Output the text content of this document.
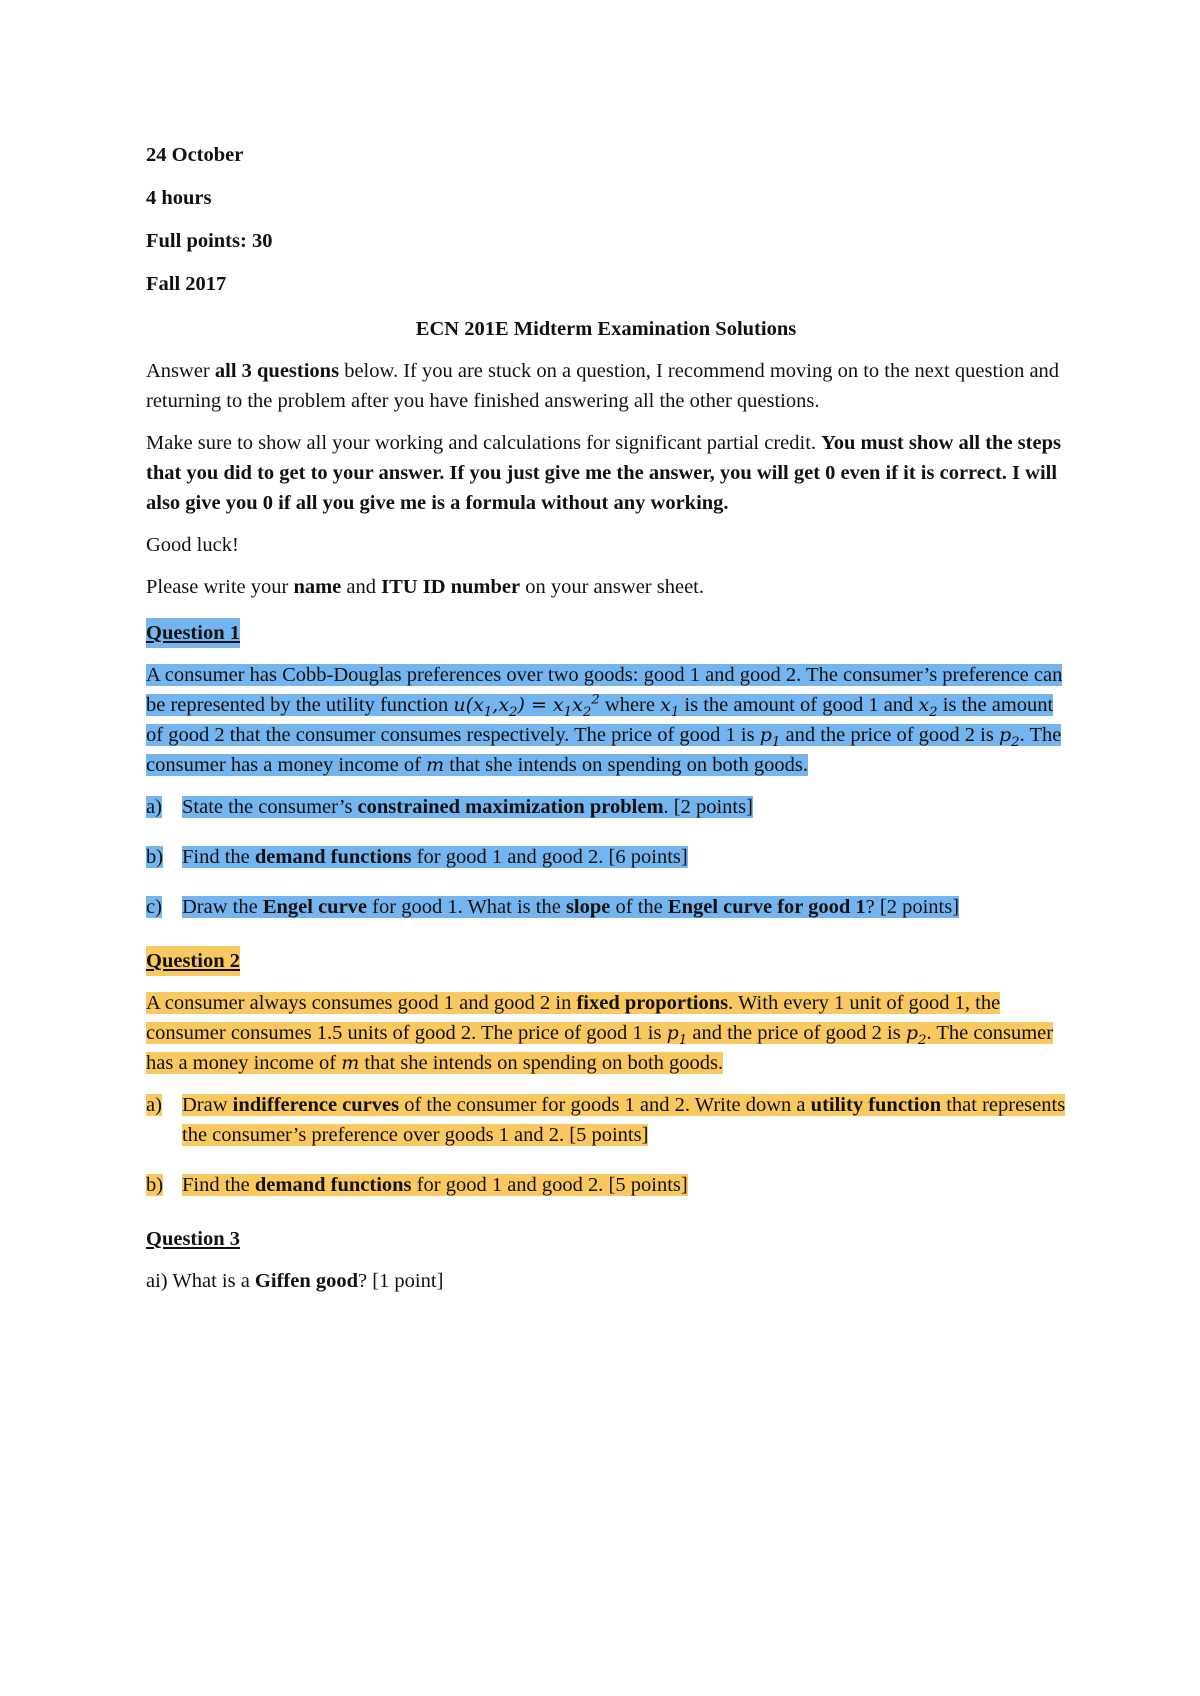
24 October

4 hours

Full points: 30

Fall 2017

ECN 201E Midterm Examination Solutions

Answer all 3 questions below. If you are stuck on a question, I recommend moving on to the next question and returning to the problem after you have finished answering all the other questions.

Make sure to show all your working and calculations for significant partial credit. You must show all the steps that you did to get to your answer. If you just give me the answer, you will get 0 even if it is correct. I will also give you 0 if all you give me is a formula without any working.

Good luck!

Please write your name and ITU ID number on your answer sheet.

Question 1

A consumer has Cobb-Douglas preferences over two goods: good 1 and good 2. The consumer’s preference can be represented by the utility function $u(x_1,x_2) = x_1x_2^2$ where $x_1$ is the amount of good 1 and $x_2$ is the amount of good 2 that the consumer consumes respectively. The price of good 1 is $p_1$ and the price of good 2 is $p_2$. The consumer has a money income of m that she intends on spending on both goods.

a) State the consumer’s constrained maximization problem. [2 points]
b) Find the demand functions for good 1 and good 2. [6 points]
c) Draw the Engel curve for good 1. What is the slope of the Engel curve for good 1? [2 points]
Question 2

A consumer always consumes good 1 and good 2 in fixed proportions. With every 1 unit of good 1, the consumer consumes 1.5 units of good 2. The price of good 1 is $p_1$ and the price of good 2 is $p_2$. The consumer has a money income of m that she intends on spending on both goods.

a) Draw indifference curves of the consumer for goods 1 and 2. Write down a utility function that represents the consumer’s preference over goods 1 and 2. [5 points]
b) Find the demand functions for good 1 and good 2. [5 points]
Question 3

ai) What is a Giffen good? [1 point]
